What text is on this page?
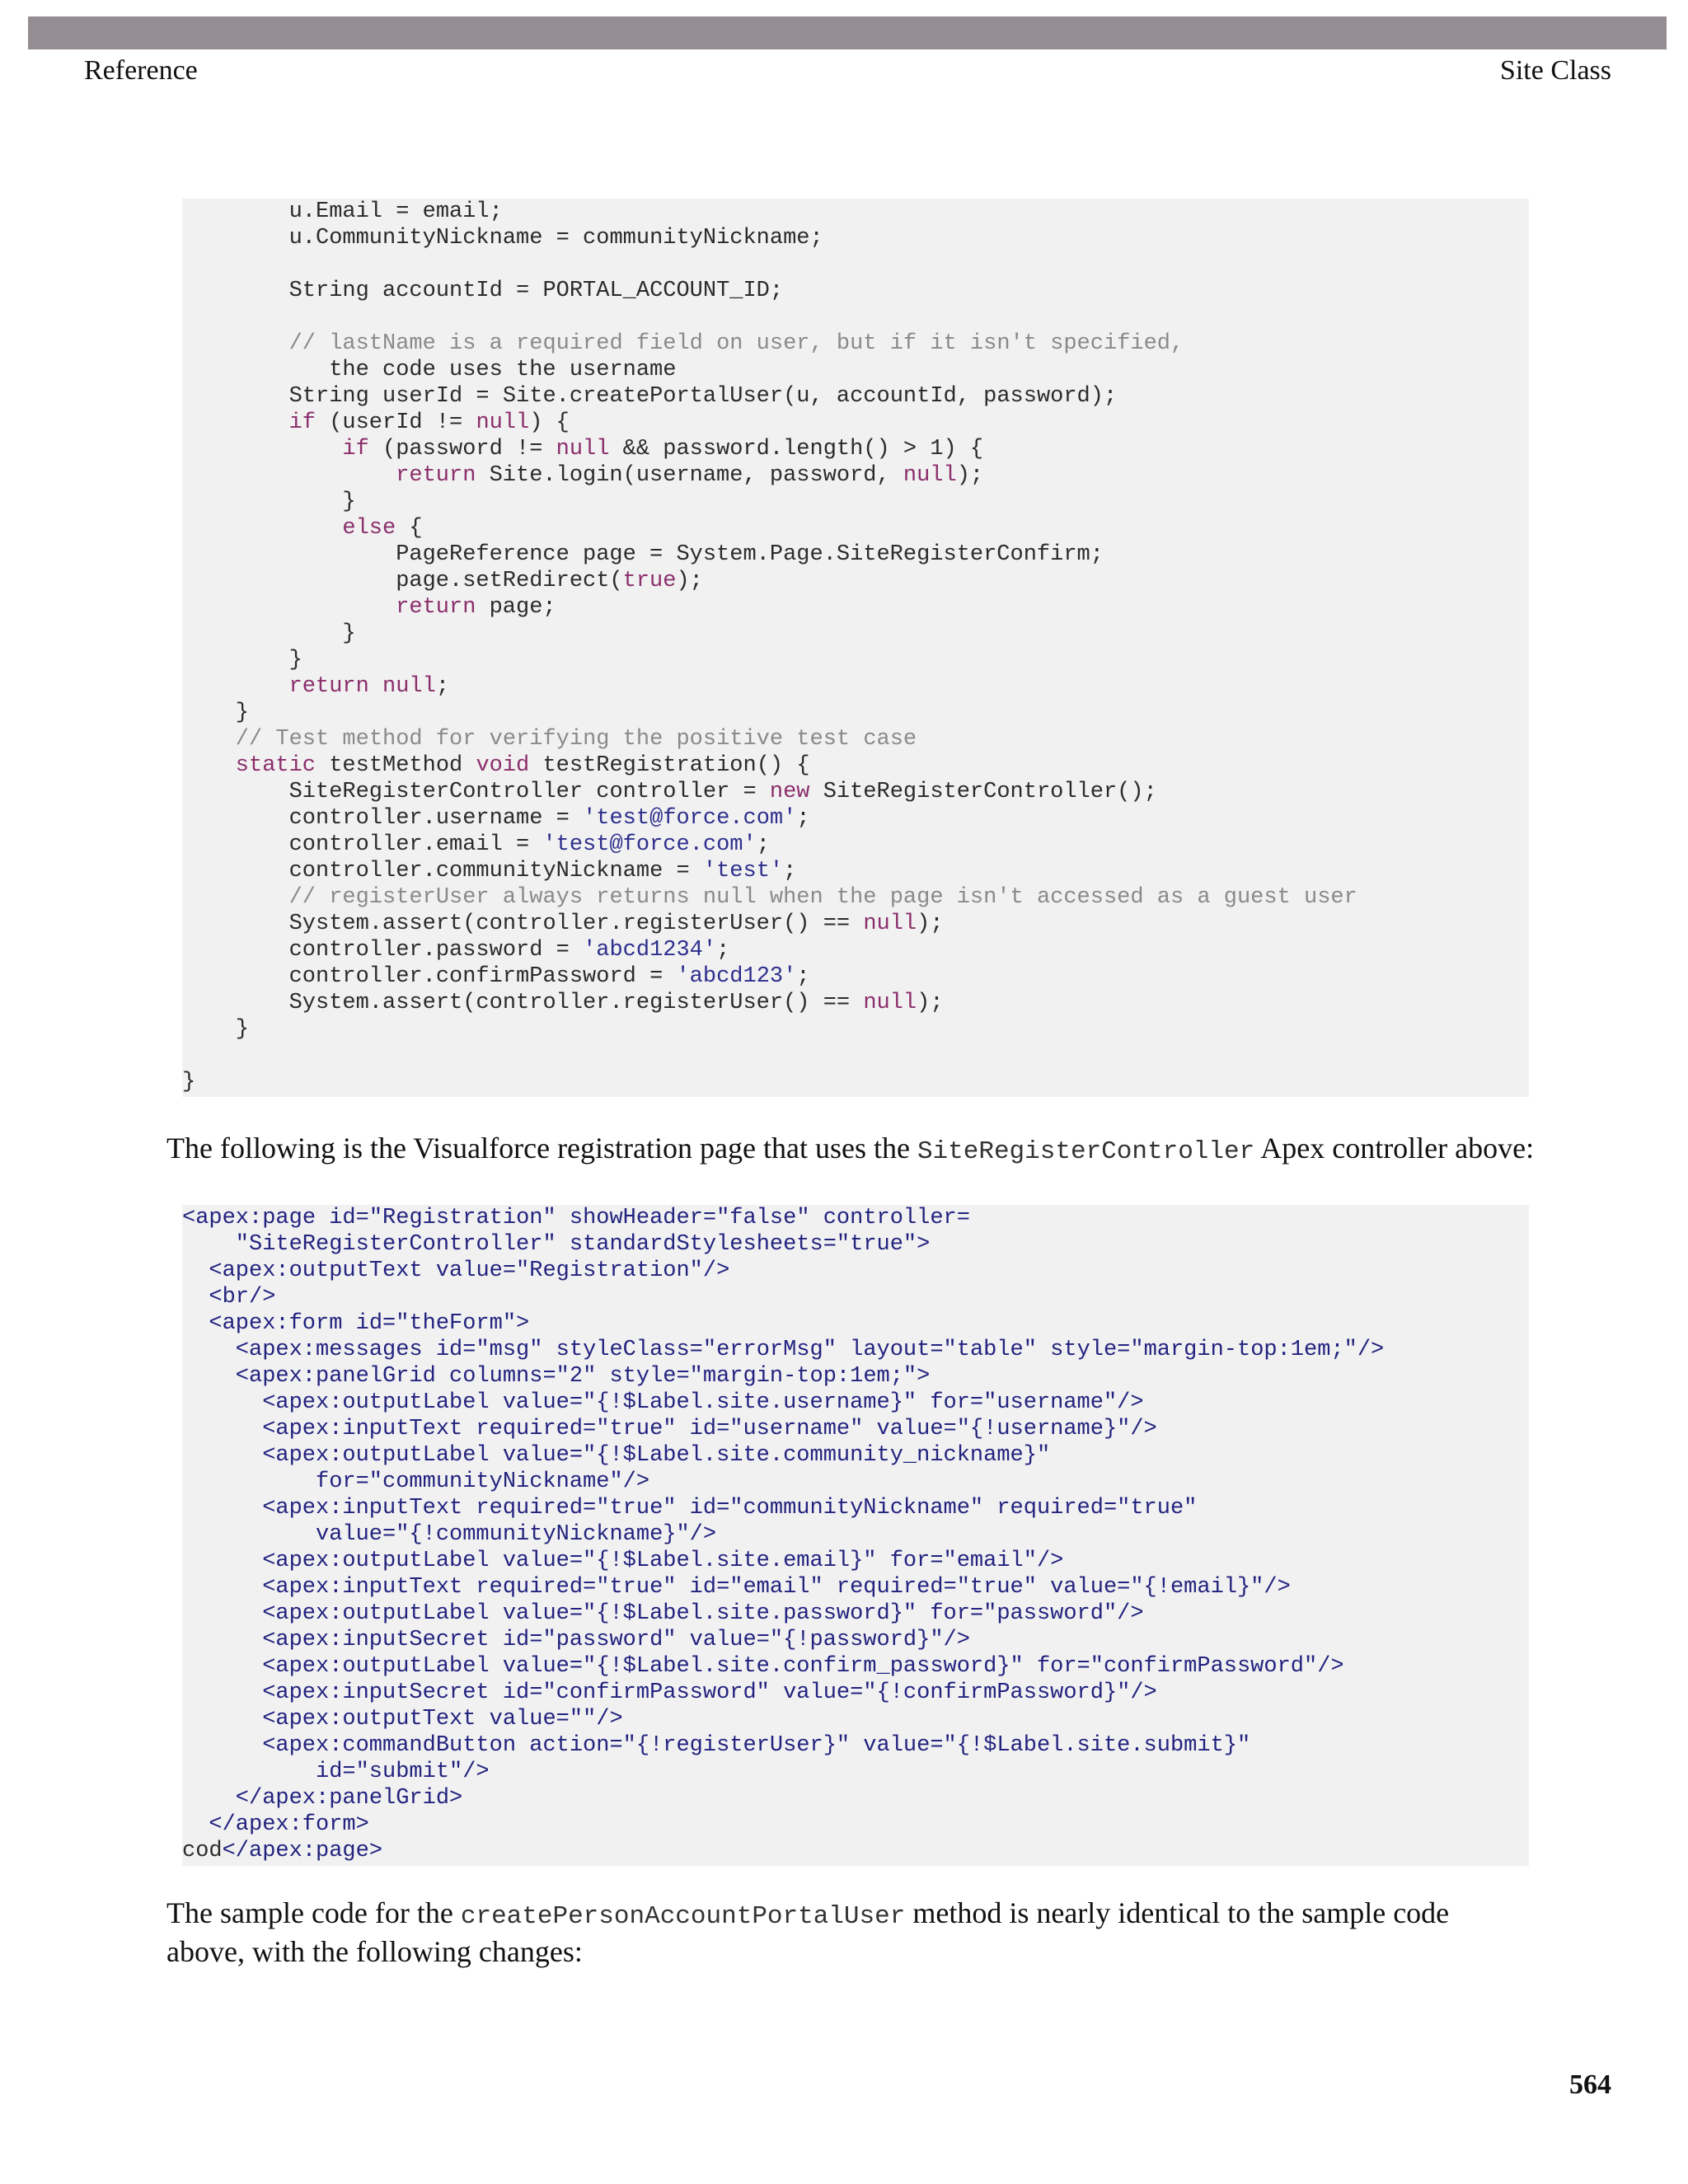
Reference	Site Class
u.Email = email;
u.CommunityNickname = communityNickname;
String accountId = PORTAL_ACCOUNT_ID;
// lastName is a required field on user, but if it isn't specified,
the code uses the username
String userId = Site.createPortalUser(u, accountId, password);
if (userId != null) {
if (password != null && password.length() > 1) {
return Site.login(username, password, null);
}
else {
PageReference page = System.Page.SiteRegisterConfirm;
page.setRedirect(true);
return page;
}
}
return null;
}
// Test method for verifying the positive test case
static testMethod void testRegistration() {
SiteRegisterController controller = new SiteRegisterController();
controller.username = 'test@force.com';
controller.email = 'test@force.com';
controller.communityNickname = 'test';
// registerUser always returns null when the page isn't accessed as a guest user
System.assert(controller.registerUser() == null);
controller.password = 'abcd1234';
controller.confirmPassword = 'abcd123';
System.assert(controller.registerUser() == null);
}
}
The following is the Visualforce registration page that uses the SiteRegisterController Apex controller above:
<apex:page id="Registration" showHeader="false" controller=
"SiteRegisterController" standardStylesheets="true">
<apex:outputText value="Registration"/>
<br/>
<apex:form id="theForm">
<apex:messages id="msg" styleClass="errorMsg" layout="table" style="margin-top:1em;"/>
<apex:panelGrid columns="2" style="margin-top:1em;">
<apex:outputLabel value="{!$Label.site.username}" for="username"/>
<apex:inputText required="true" id="username" value="{!username}"/>
<apex:outputLabel value="{!$Label.site.community_nickname}"
for="communityNickname"/>
<apex:inputText required="true" id="communityNickname" required="true"
value="{!communityNickname}"/>
<apex:outputLabel value="{!$Label.site.email}" for="email"/>
<apex:inputText required="true" id="email" required="true" value="{!email}"/>
<apex:outputLabel value="{!$Label.site.password}" for="password"/>
<apex:inputSecret id="password" value="{!password}"/>
<apex:outputLabel value="{!$Label.site.confirm_password}" for="confirmPassword"/>
<apex:inputSecret id="confirmPassword" value="{!confirmPassword}"/>
<apex:outputText value=""/>
<apex:commandButton action="{!registerUser}" value="{!$Label.site.submit}"
id="submit"/>
</apex:panelGrid>
</apex:form>
cod</apex:page>
The sample code for the createPersonAccountPortalUser method is nearly identical to the sample code above, with the following changes:
564
